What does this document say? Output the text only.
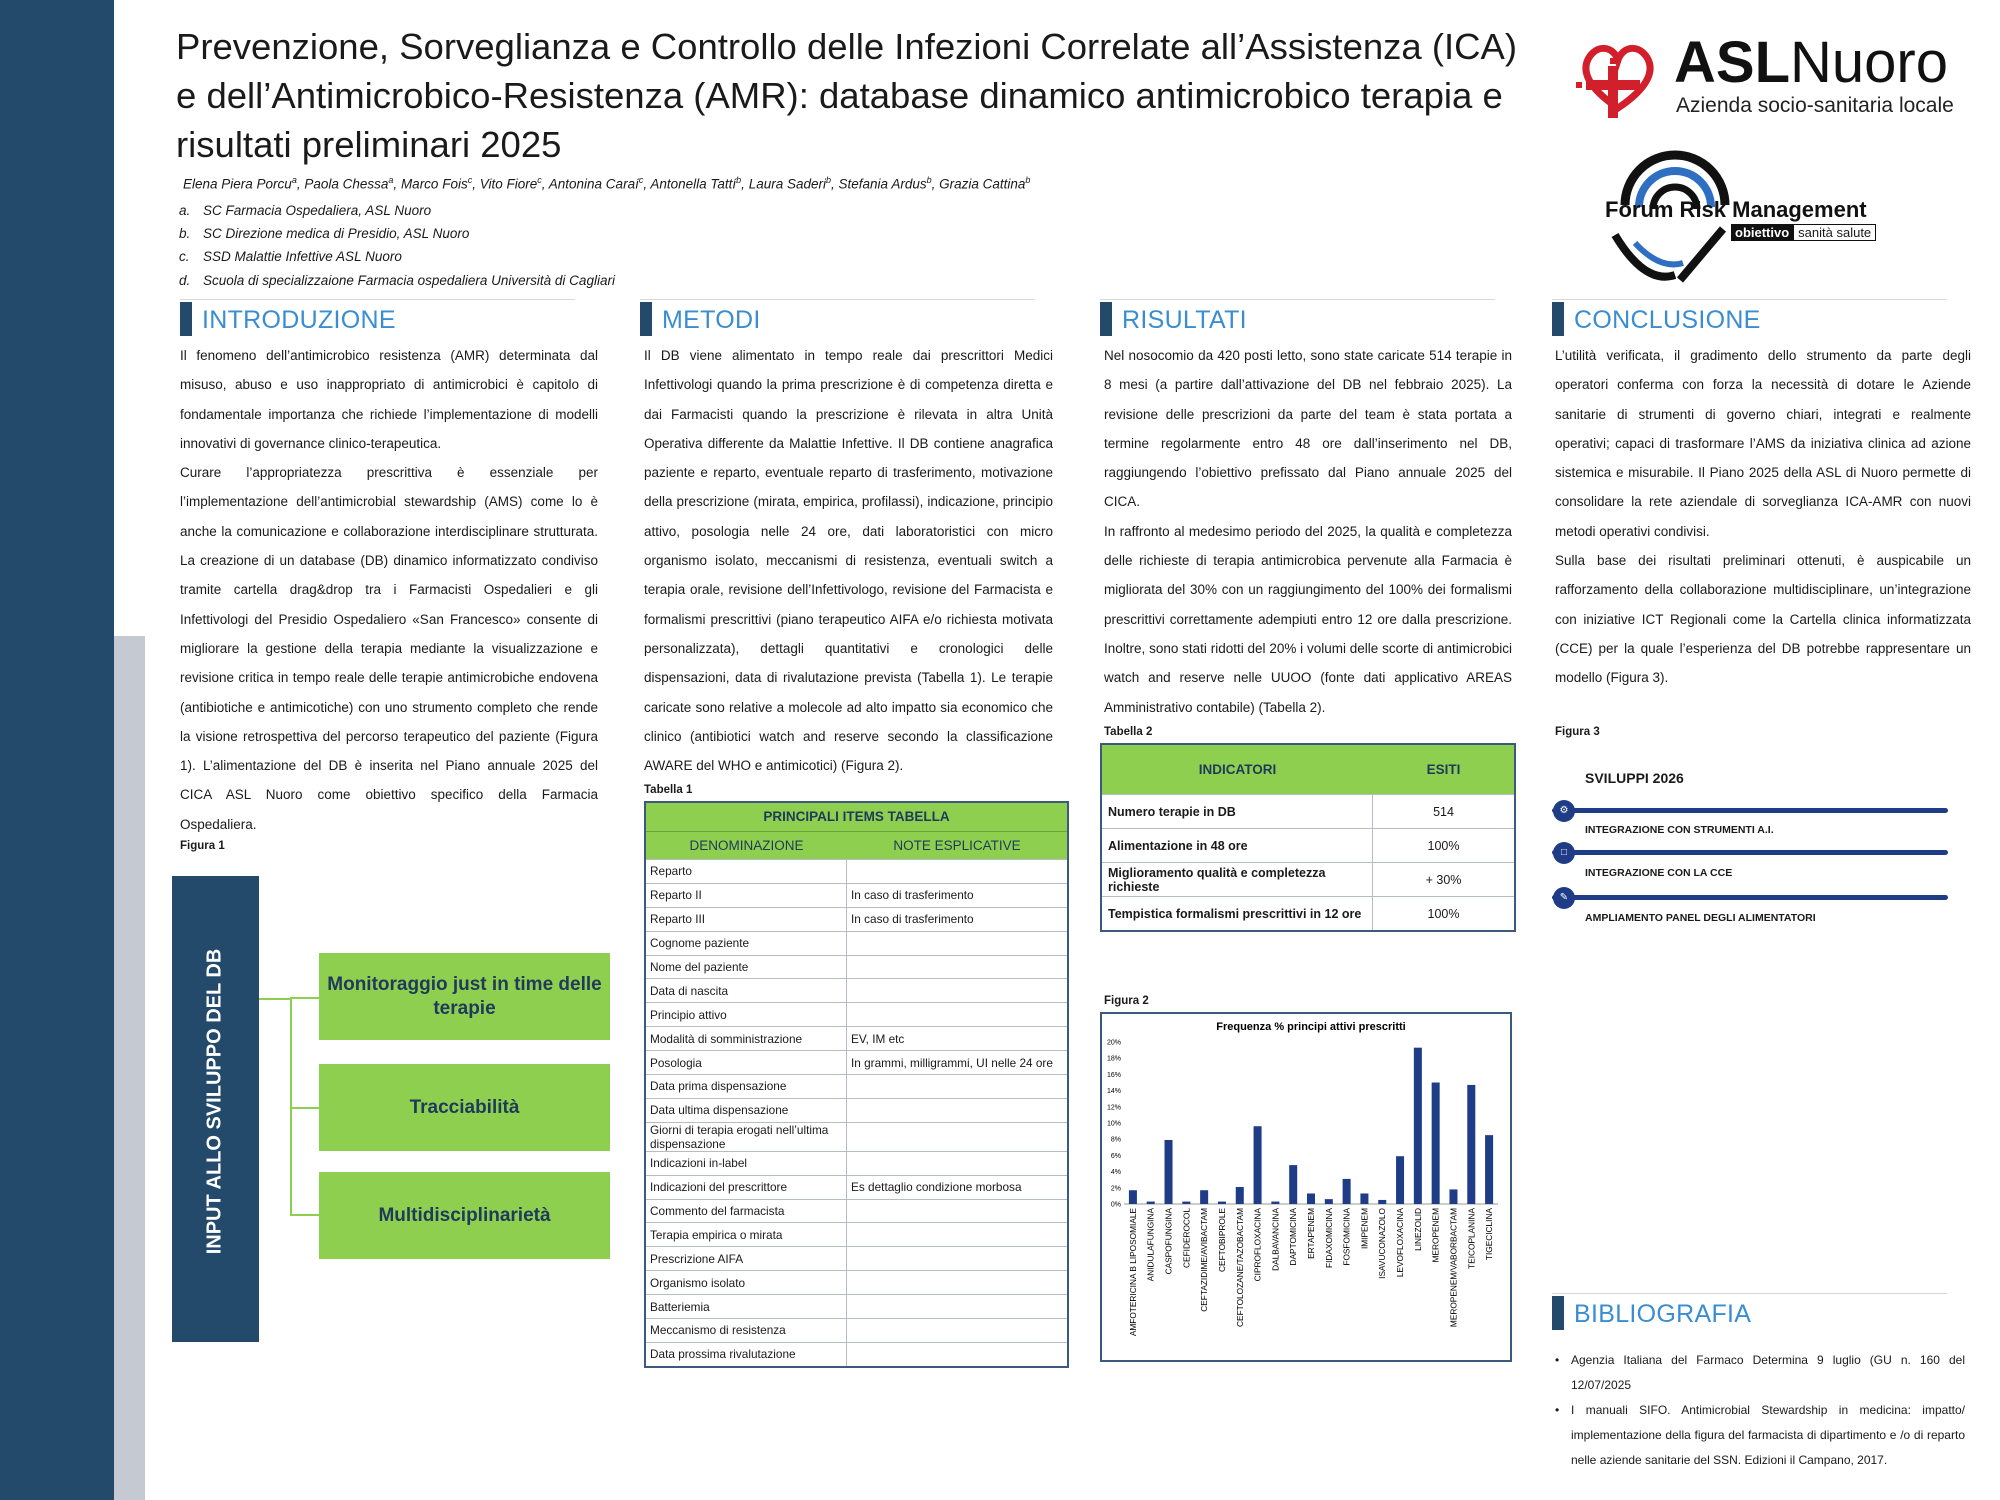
Prevenzione, Sorveglianza e Controllo delle Infezioni Correlate all’Assistenza (ICA) e dell’Antimicrobico-Resistenza (AMR): database dinamico antimicrobico terapia e risultati preliminari 2025
Elena Piera Porcu$^a$, Paola Chessa$^a$, Marco Fois$^c$, Vito Fiore$^c$, Antonina Caraí$^c$, Antonella Tattí$^b$, Laura Saderi$^b$, Stefania Ardus$^b$, Grazia Cattina$^b$
a. SC Farmacia Ospedaliera, ASL Nuoro
b. SC Direzione medica di Presidio, ASL Nuoro
c. SSD Malattie Infettive ASL Nuoro
d. Scuola di specializzaione Farmacia ospedaliera Università di Cagliari
ASLNuoro
Azienda socio-sanitaria locale
Forum Risk Management
obiettivo sanità salute
INTRODUZIONE	METODI	RISULTATI	CONCLUSIONE
BIBLIOGRAFIA

Il fenomeno dell’antimicrobico resistenza (AMR) determinata dal misuso, abuso e uso inappropriato di antimicrobici è capitolo di fondamentale importanza che richiede l’implementazione di modelli innovativi di governance clinico-terapeutica.

Curare l’appropriatezza prescrittiva è essenziale per l’implementazione dell’antimicrobial stewardship (AMS) come lo è anche la comunicazione e collaborazione interdisciplinare strutturata. La creazione di un database (DB) dinamico informatizzato condiviso tramite cartella drag&drop tra i Farmacisti Ospedalieri e gli Infettivologi del Presidio Ospedaliero «San Francesco» consente di migliorare la gestione della terapia mediante la visualizzazione e revisione critica in tempo reale delle terapie antimicrobiche endovena (antibiotiche e antimicotiche) con uno strumento completo che rende la visione retrospettiva del percorso terapeutico del paziente (Figura 1). L’alimentazione del DB è inserita nel Piano annuale 2025 del CICA ASL Nuoro come obiettivo specifico della Farmacia Ospedaliera.

Il DB viene alimentato in tempo reale dai prescrittori Medici Infettivologi quando la prima prescrizione è di competenza diretta e dai Farmacisti quando la prescrizione è rilevata in altra Unità Operativa differente da Malattie Infettive. Il DB contiene anagrafica paziente e reparto, eventuale reparto di trasferimento, motivazione della prescrizione (mirata, empirica, profilassi), indicazione, principio attivo, posologia nelle 24 ore, dati laboratoristici con micro organismo isolato, meccanismi di resistenza, eventuali switch a terapia orale, revisione dell’Infettivologo, revisione del Farmacista e formalismi prescrittivi (piano terapeutico AIFA e/o richiesta motivata personalizzata), dettagli quantitativi e cronologici delle dispensazioni, data di rivalutazione prevista (Tabella 1). Le terapie caricate sono relative a molecole ad alto impatto sia economico che clinico (antibiotici watch and reserve secondo la classificazione AWARE del WHO e antimicotici) (Figura 2).

Nel nosocomio da 420 posti letto, sono state caricate 514 terapie in 8 mesi (a partire dall’attivazione del DB nel febbraio 2025). La revisione delle prescrizioni da parte del team è stata portata a termine regolarmente entro 48 ore dall’inserimento nel DB, raggiungendo l’obiettivo prefissato dal Piano annuale 2025 del CICA.

In raffronto al medesimo periodo del 2025, la qualità e completezza delle richieste di terapia antimicrobica pervenute alla Farmacia è migliorata del 30% con un raggiungimento del 100% dei formalismi prescrittivi correttamente adempiuti entro 12 ore dalla prescrizione. Inoltre, sono stati ridotti del 20% i volumi delle scorte di antimicrobici watch and reserve nelle UUOO (fonte dati applicativo AREAS Amministrativo contabile) (Tabella 2).

L’utilità verificata, il gradimento dello strumento da parte degli operatori conferma con forza la necessità di dotare le Aziende sanitarie di strumenti di governo chiari, integrati e realmente operativi; capaci di trasformare l’AMS da iniziativa clinica ad azione sistemica e misurabile. Il Piano 2025 della ASL di Nuoro permette di consolidare la rete aziendale di sorveglianza ICA-AMR con nuovi metodi operativi condivisi.

Sulla base dei risultati preliminari ottenuti, è auspicabile un rafforzamento della collaborazione multidisciplinare, un’integrazione con iniziative ICT Regionali come la Cartella clinica informatizzata (CCE) per la quale l’esperienza del DB potrebbe rappresentare un modello (Figura 3).

Figura 1
INPUT ALLO SVILUPPO DEL DB	Monitoraggio just in time delle terapie
Tracciabilità
Multidisciplinarietà
Tabella 1
PRINCIPALI ITEMS TABELLA
DENOMINAZIONE	NOTE ESPLICATIVE
Reparto
Reparto II	In caso di trasferimento
Reparto III	In caso di trasferimento
Cognome paziente
Nome del paziente
Data di nascita
Principio attivo
Modalità di somministrazione	EV, IM etc
Posologia	In grammi, milligrammi, UI nelle 24 ore
Data prima dispensazione
Data ultima dispensazione
Giorni di terapia erogati nell’ultima dispensazione
Indicazioni in-label
Indicazioni del prescrittore	Es dettaglio condizione morbosa
Commento del farmacista
Terapia empirica o mirata
Prescrizione AIFA
Organismo isolato
Batteriemia
Meccanismo di resistenza
Data prossima rivalutazione
Tabella 2
INDICATORI	ESITI
Numero terapie in DB	514
Alimentazione in 48 ore	100%
Miglioramento qualità e completezza richieste	+ 30%
Tempistica formalismi prescrittivi in 12 ore	100%
Figura 2
Frequenza % principi attivi prescritti
0%
2%
4%
6%
8%
10%
12%
14%
16%
18%
20%
AMFOTERICINA B LIPOSOMIALE ANIDULAFUNGINA CASPOFUNGINA CEFIDEROCOL CEFTAZIDIME/AVIBACTAM CEFTOBIPROLE CEFTOLOZANE/TAZOBACTAM CIPROFLOXACINA DALBAVANCINA DAPTOMICINA ERTAPENEM FIDAXOMICINA FOSFOMICINA IMIPENEM ISAVUCONAZOLO LEVOFLOXACINA LINEZOLID MEROPENEM MEROPENEM/VABORBACTAM TEICOPLANINA TIGECICLINA
Figura 3
SVILUPPI 2026
⚙
INTEGRAZIONE CON STRUMENTI A.I.
□
INTEGRAZIONE CON LA CCE
✎
AMPLIAMENTO PANEL DEGLI ALIMENTATORI
• Agenzia Italiana del Farmaco Determina 9 luglio (GU n. 160 del 12/07/2025
• I manuali SIFO. Antimicrobial Stewardship in medicina: impatto/ implementazione della figura del farmacista di dipartimento e /o di reparto nelle aziende sanitarie del SSN. Edizioni il Campano, 2017.
